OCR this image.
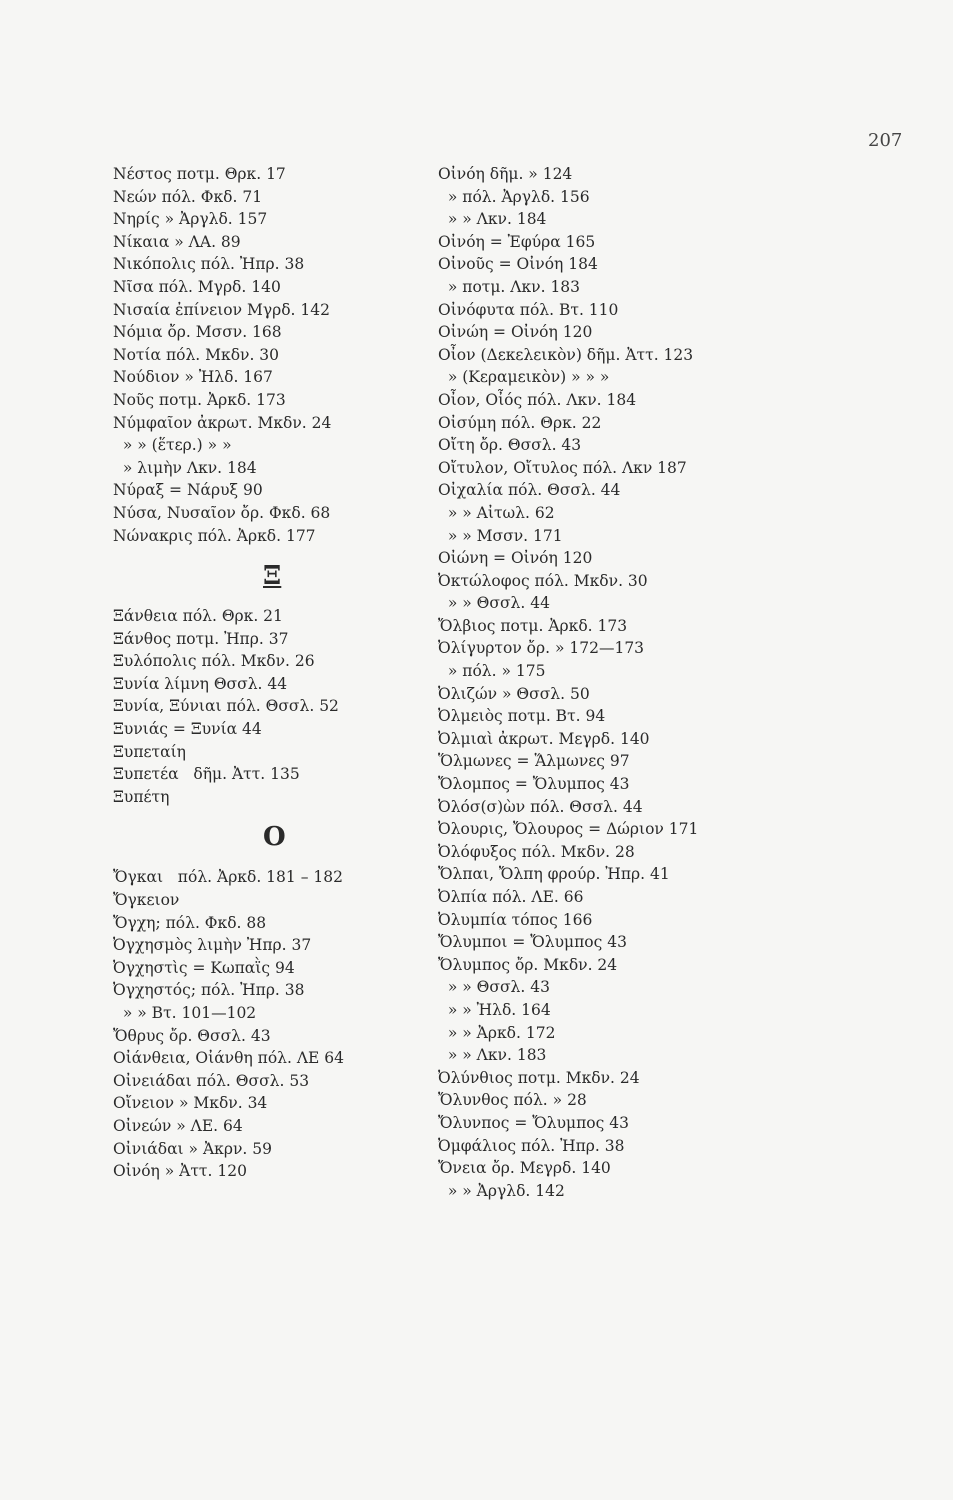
207
Νέστος ποτμ. Θρκ. 17
Νεών πόλ. Φκδ. 71
Νηρίς » Ἀργλδ. 157
Νίκαια » ΛΑ. 89
Νικόπολις πόλ. Ἠπρ. 38
Νῖσα πόλ. Μγρδ. 140
Νισαία ἐπίνειον Μγρδ. 142
Νόμια ὄρ. Μσσν. 168
Νοτία πόλ. Μκδν. 30
Νούδιον » Ἠλδ. 167
Νοῦς ποτμ. Ἀρκδ. 173
Νύμφαῖον ἀκρωτ. Μκδν. 24
» » (ἕτερ.) » »
» λιμὴν Λκν. 184
Νύραξ = Νάρυξ 90
Νύσα, Νυσαῖον ὄρ. Φκδ. 68
Νώνακρις πόλ. Ἀρκδ. 177
Ξ
Ξάνθεια πόλ. Θρκ. 21
Ξάνθος ποτμ. Ἠπρ. 37
Ξυλόπολις πόλ. Μκδν. 26
Ξυνία λίμνη Θσσλ. 44
Ξυνία, Ξύνιαι πόλ. Θσσλ. 52
Ξυνιάς = Ξυνία 44
Ξυπεταίη
Ξυπετέα   δῆμ. Ἀττ. 135
Ξυπέτη
Ο
Ὄγκαι   πόλ. Ἀρκδ. 181 – 182
Ὄγκειον
Ὄγχη; πόλ. Φκδ. 88
Ὀγχησμὸς λιμὴν Ἠπρ. 37
Ὀγχηστὶς = Κωπαῒς 94
Ὀγχηστός; πόλ. Ἠπρ. 38
» » Βτ. 101—102
Ὄθρυς ὄρ. Θσσλ. 43
Οἰάνθεια, Οἰάνθη πόλ. ΛΕ 64
Οἰνειάδαι πόλ. Θσσλ. 53
Οἴνειον » Μκδν. 34
Οἰνεών » ΛΕ. 64
Οἰνιάδαι » Ἀκρν. 59
Οἰνόη » Ἀττ. 120
Οἰνόη δῆμ. » 124
» πόλ. Ἀργλδ. 156
» » Λκν. 184
Οἰνόη = Ἐφύρα 165
Οἰνοῦς = Οἰνόη 184
» ποτμ. Λκν. 183
Οἰνόφυτα πόλ. Βτ. 110
Οἰνώη = Οἰνόη 120
Οἶον (Δεκελεικὸν) δῆμ. Ἀττ. 123
» (Κεραμεικὸν) » » »
Οἶον, Οἶός πόλ. Λκν. 184
Οἰσύμη πόλ. Θρκ. 22
Οἴτη ὄρ. Θσσλ. 43
Οἴτυλον, Οἴτυλος πόλ. Λκν 187
Οἰχαλία πόλ. Θσσλ. 44
» » Αἰτωλ. 62
» » Μσσν. 171
Οἰώνη = Οἰνόη 120
Ὀκτώλοφος πόλ. Μκδν. 30
» » Θσσλ. 44
Ὄλβιος ποτμ. Ἀρκδ. 173
Ὀλίγυρτον ὄρ. » 172—173
» πόλ. » 175
Ὀλιζών » Θσσλ. 50
Ὀλμειὸς ποτμ. Βτ. 94
Ὀλμιαὶ ἀκρωτ. Μεγρδ. 140
Ὅλμωνες = Ἅλμωνες 97
Ὄλομπος = Ὄλυμπος 43
Ὀλόσ(σ)ὼν πόλ. Θσσλ. 44
Ὀλουρις, Ὄλουρος = Δώριον 171
Ὀλόφυξος πόλ. Μκδν. 28
Ὄλπαι, Ὄλπη φρούρ. Ἠπρ. 41
Ὀλπία πόλ. ΛΕ. 66
Ὀλυμπία τόπος 166
Ὄλυμποι = Ὄλυμπος 43
Ὄλυμπος ὄρ. Μκδν. 24
» » Θσσλ. 43
» » Ἠλδ. 164
» » Ἀρκδ. 172
» » Λκν. 183
Ὀλύνθιος ποτμ. Μκδν. 24
Ὄλυνθος πόλ. » 28
Ὄλυνπος = Ὄλυμπος 43
Ὀμφάλιος πόλ. Ἠπρ. 38
Ὄνεια ὄρ. Μεγρδ. 140
» » Ἀργλδ. 142
